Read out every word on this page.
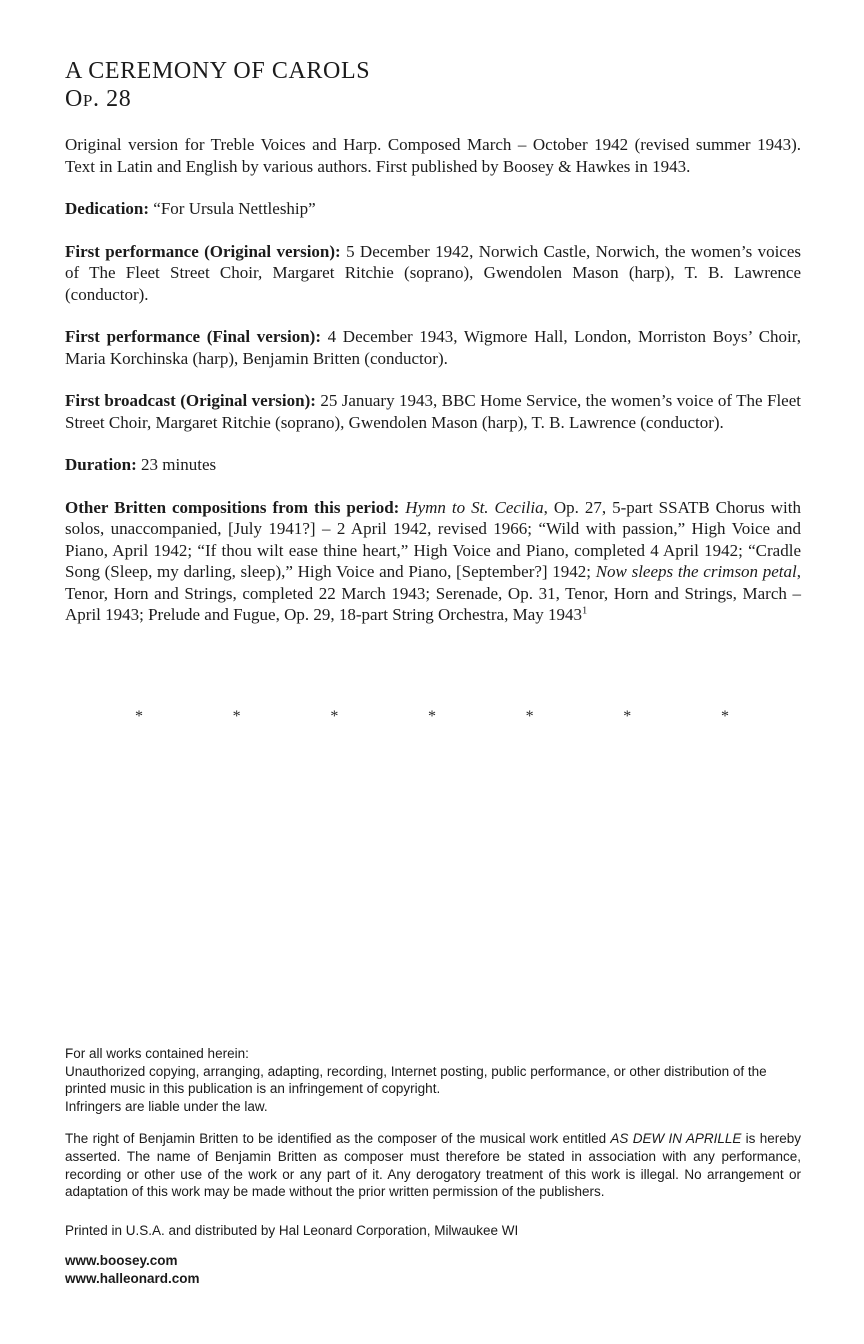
A CEREMONY OF CAROLS
Op. 28

Original version for Treble Voices and Harp. Composed March – October 1942 (revised summer 1943). Text in Latin and English by various authors. First published by Boosey & Hawkes in 1943.

Dedication: “For Ursula Nettleship”

First performance (Original version): 5 December 1942, Norwich Castle, Norwich, the women’s voices of The Fleet Street Choir, Margaret Ritchie (soprano), Gwendolen Mason (harp), T. B. Lawrence (conductor).

First performance (Final version): 4 December 1943, Wigmore Hall, London, Morriston Boys’ Choir, Maria Korchinska (harp), Benjamin Britten (conductor).

First broadcast (Original version): 25 January 1943, BBC Home Service, the women’s voice of The Fleet Street Choir, Margaret Ritchie (soprano), Gwendolen Mason (harp), T. B. Lawrence (conductor).

Duration: 23 minutes

Other Britten compositions from this period: Hymn to St. Cecilia, Op. 27, 5-part SSATB Chorus with solos, unaccompanied, [July 1941?] – 2 April 1942, revised 1966; “Wild with passion,” High Voice and Piano, April 1942; “If thou wilt ease thine heart,” High Voice and Piano, completed 4 April 1942; “Cradle Song (Sleep, my darling, sleep),” High Voice and Piano, [September?] 1942; Now sleeps the crimson petal, Tenor, Horn and Strings, completed 22 March 1943; Serenade, Op. 31, Tenor, Horn and Strings, March – April 1943; Prelude and Fugue, Op. 29, 18-part String Orchestra, May 1943$^1$

*	*	*	*	*	*	*

For all works contained herein:

Unauthorized copying, arranging, adapting, recording, Internet posting, public performance, or other distribution of the printed music in this publication is an infringement of copyright.

Infringers are liable under the law.

The right of Benjamin Britten to be identified as the composer of the musical work entitled AS DEW IN APRILLE is hereby asserted. The name of Benjamin Britten as composer must therefore be stated in association with any performance, recording or other use of the work or any part of it. Any derogatory treatment of this work is illegal. No arrangement or adaptation of this work may be made without the prior written permission of the publishers.

Printed in U.S.A. and distributed by Hal Leonard Corporation, Milwaukee WI

www.boosey.com
www.halleonard.com
